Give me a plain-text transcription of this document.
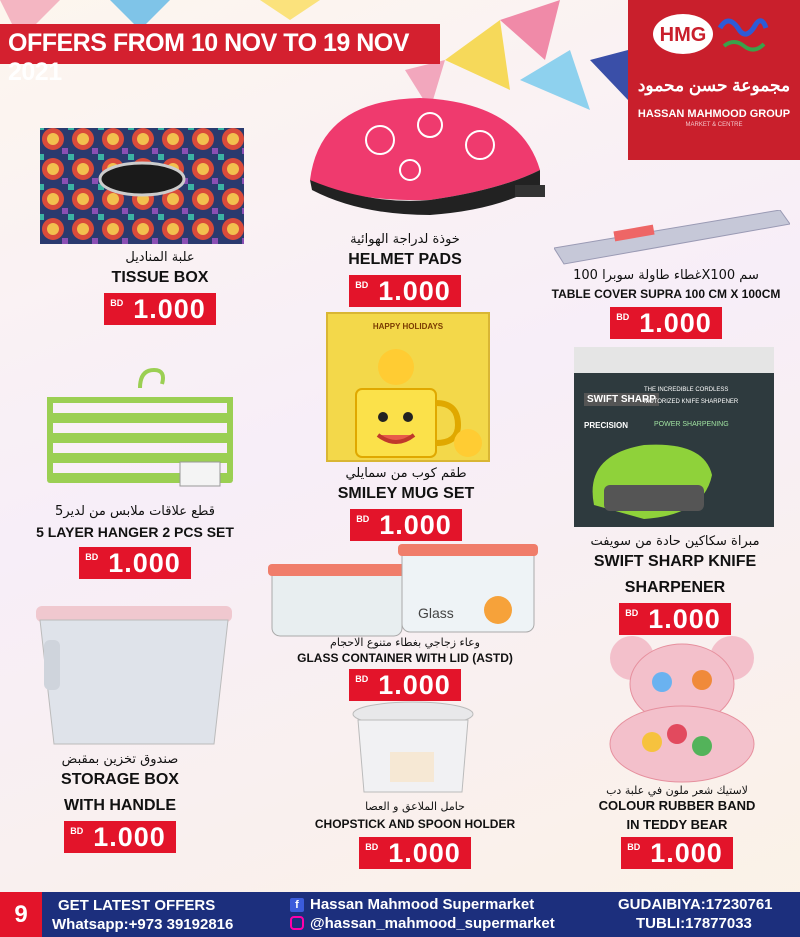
OFFERS FROM 10 NOV TO 19 NOV 2021
HMG
مجموعة حسن محمود
HASSAN MAHMOOD GROUP
MARKET & CENTRE
HAPPY HOLIDAYS
SWIFT SHARP
THE INCREDIBLE CORDLESS
MOTORIZED KNIFE SHARPENER
PRECISION	POWER SHARPENING
Glass
علبة المناديل
TISSUE BOX
BD 1.000
خوذة لدراجة الهوائية
HELMET PADS
BD 1.000
غطاء طاولة سوبرا 100X100 سم
TABLE COVER SUPRA 100 CM X 100CM
BD 1.000
5قطع علاقات ملابس من لدير
5 LAYER HANGER 2 PCS SET
BD 1.000
طقم كوب من سمايلي
SMILEY MUG SET
BD 1.000
مبراة سكاكين حادة من سويفت
SWIFT SHARP KNIFE
SHARPENER
BD 1.000
وعاء زجاجي بغطاء متنوع الاحجام
GLASS CONTAINER WITH LID (ASTD)
BD 1.000
صندوق تخزين بمقبض
STORAGE BOX
WITH HANDLE
BD 1.000
حامل الملاعق و العصا
CHOPSTICK AND SPOON HOLDER
BD 1.000
لاستيك شعر ملون في علبة دب
COLOUR RUBBER BAND
IN TEDDY BEAR
BD 1.000
9	GET LATEST OFFERS
Whatsapp:+973 39192816
f Hassan Mahmood Supermarket
@hassan_mahmood_supermarket
GUDAIBIYA:17230761
TUBLI:17877033
